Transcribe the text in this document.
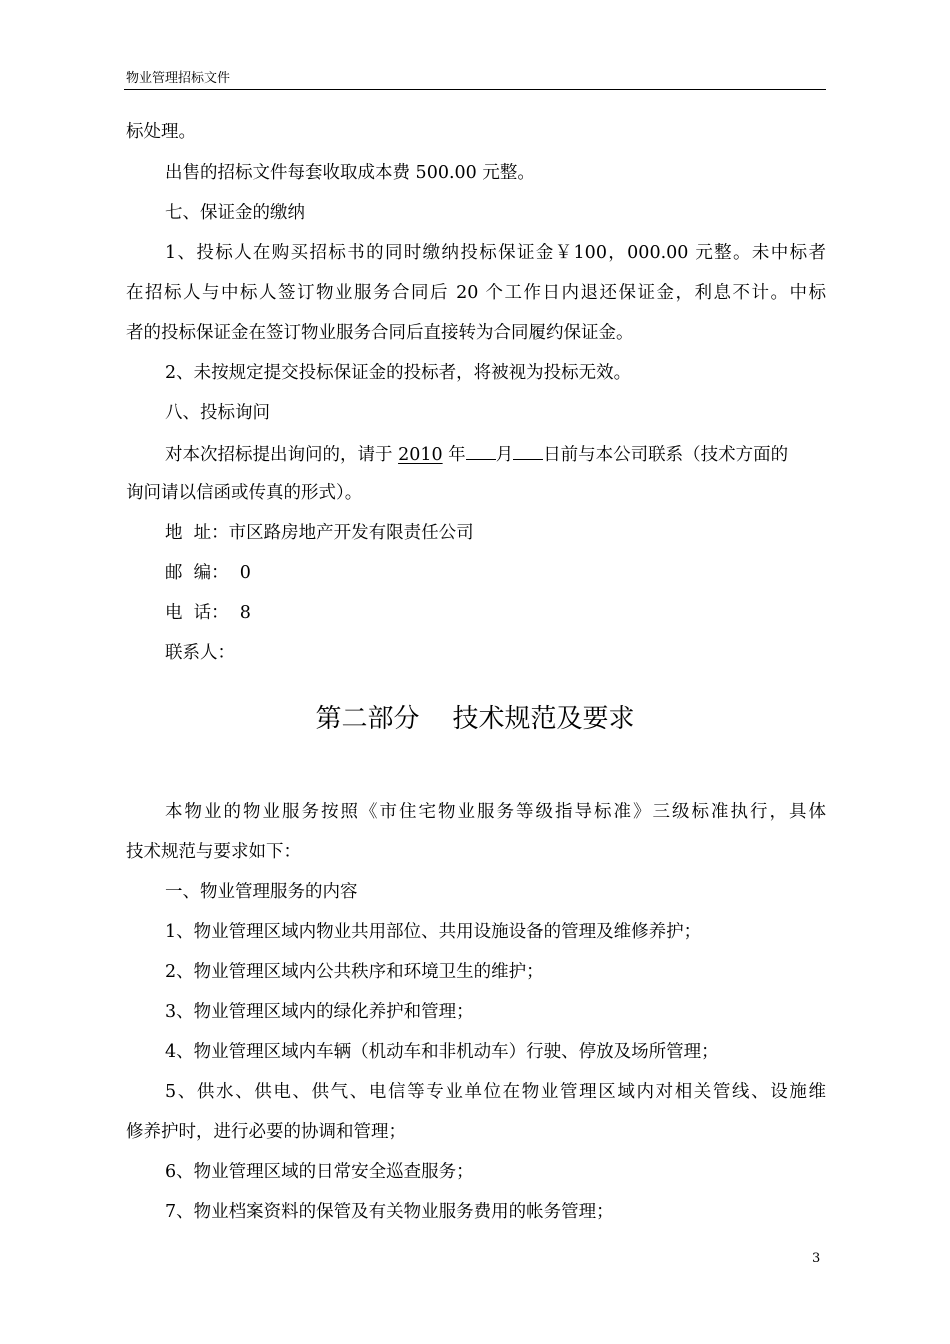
物业管理招标文件
标处理。
出售的招标文件每套收取成本费 500.00 元整。
七、保证金的缴纳
1、投标人在购买招标书的同时缴纳投标保证金￥100，000.00 元整。未中标者
在招标人与中标人签订物业服务合同后 20 个工作日内退还保证金，利息不计。中标
者的投标保证金在签订物业服务合同后直接转为合同履约保证金。
2、未按规定提交投标保证金的投标者，将被视为投标无效。
八、投标询问
对本次招标提出询问的，请于 2010 年 月 日前与本公司联系（技术方面的
询问请以信函或传真的形式）。
地  址：市区路房地产开发有限责任公司
邮  编：  0
电  话：  8
联系人：
第二部分    技术规范及要求
本物业的物业服务按照《市住宅物业服务等级指导标准》三级标准执行，具体
技术规范与要求如下：
一、物业管理服务的内容
1、物业管理区域内物业共用部位、共用设施设备的管理及维修养护；
2、物业管理区域内公共秩序和环境卫生的维护；
3、物业管理区域内的绿化养护和管理；
4、物业管理区域内车辆（机动车和非机动车）行驶、停放及场所管理；
5、供水、供电、供气、电信等专业单位在物业管理区域内对相关管线、设施维
修养护时，进行必要的协调和管理；
6、物业管理区域的日常安全巡查服务；
7、物业档案资料的保管及有关物业服务费用的帐务管理；
3
